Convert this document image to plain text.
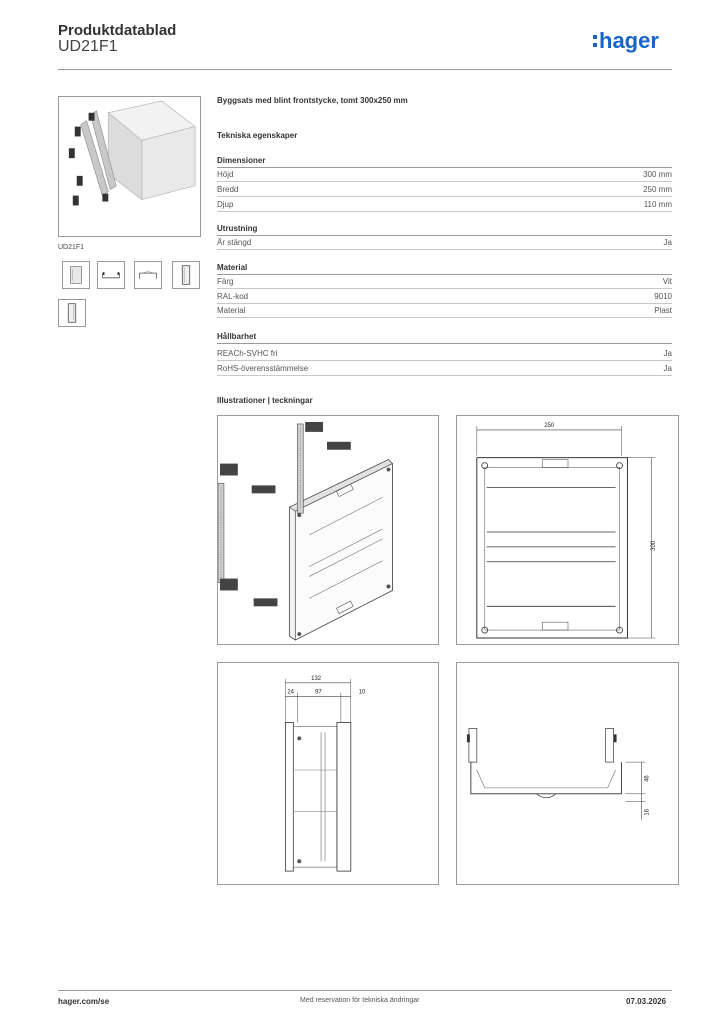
Produktdatablad
UD21F1	hager
UD21F1
Byggsats med blint frontstycke, tomt 300x250 mm
Tekniska egenskaper
Dimensioner
Höjd	300 mm
Bredd	250 mm
Djup	110 mm
Utrustning
Är stängd	Ja
Material
Färg	Vit
RAL-kod	9010
Material	Plast
Hållbarhet
REACh-SVHC fri	Ja
RoHS-överensstämmelse	Ja
Illustrationer | teckningar
250
300
132
24	97	10
46
16
hager.com/se	Med reservation för tekniska ändringar	07.03.2026
